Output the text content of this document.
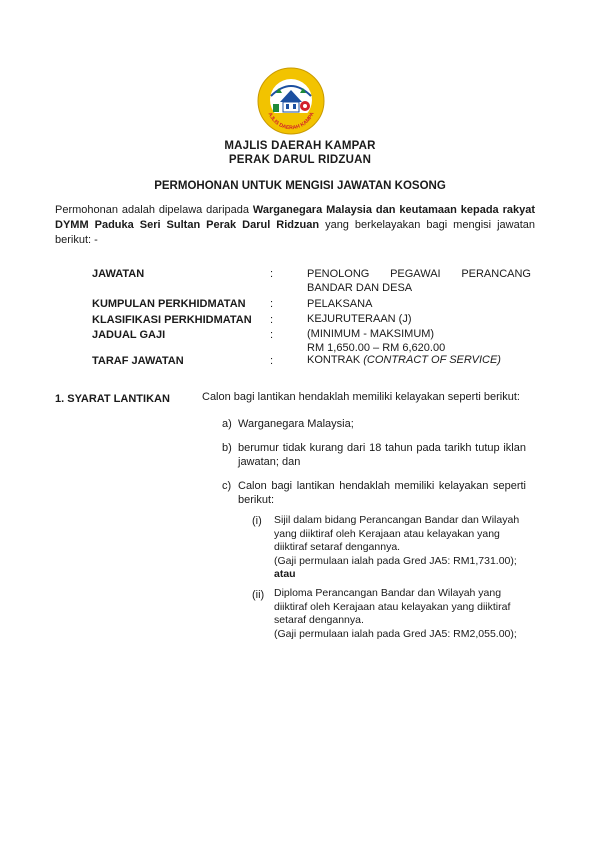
AJLIS DAERAH KAMPA
MAJLIS DAERAH KAMPAR
PERAK DARUL RIDZUAN
PERMOHONAN UNTUK MENGISI JAWATAN KOSONG
Permohonan adalah dipelawa daripada Warganegara Malaysia dan keutamaan kepada rakyat DYMM Paduka Seri Sultan Perak Darul Ridzuan yang berkelayakan bagi mengisi jawatan berikut: -
JAWATAN	:	PENOLONG PEGAWAI PERANCANG
BANDAR DAN DESA
KUMPULAN PERKHIDMATAN :	PELAKSANA
KLASIFIKASI PERKHIDMATAN :	KEJURUTERAAN (J)
JADUAL GAJI	:	(MINIMUM - MAKSIMUM)
RM 1,650.00 – RM 6,620.00
TARAF JAWATAN	:	KONTRAK (CONTRACT OF SERVICE)
1. SYARAT LANTIKAN	Calon bagi lantikan hendaklah memiliki kelayakan seperti berikut:
a) Warganegara Malaysia;
b) berumur tidak kurang dari 18 tahun pada tarikh tutup iklan jawatan; dan
c) Calon bagi lantikan hendaklah memiliki kelayakan seperti berikut:
(i) Sijil dalam bidang Perancangan Bandar dan Wilayah yang diiktiraf oleh Kerajaan atau kelayakan yang diiktiraf setaraf dengannya.
(Gaji permulaan ialah pada Gred JA5: RM1,731.00);
atau
(ii) Diploma Perancangan Bandar dan Wilayah yang diiktiraf oleh Kerajaan atau kelayakan yang diiktiraf setaraf dengannya.
(Gaji permulaan ialah pada Gred JA5: RM2,055.00);
